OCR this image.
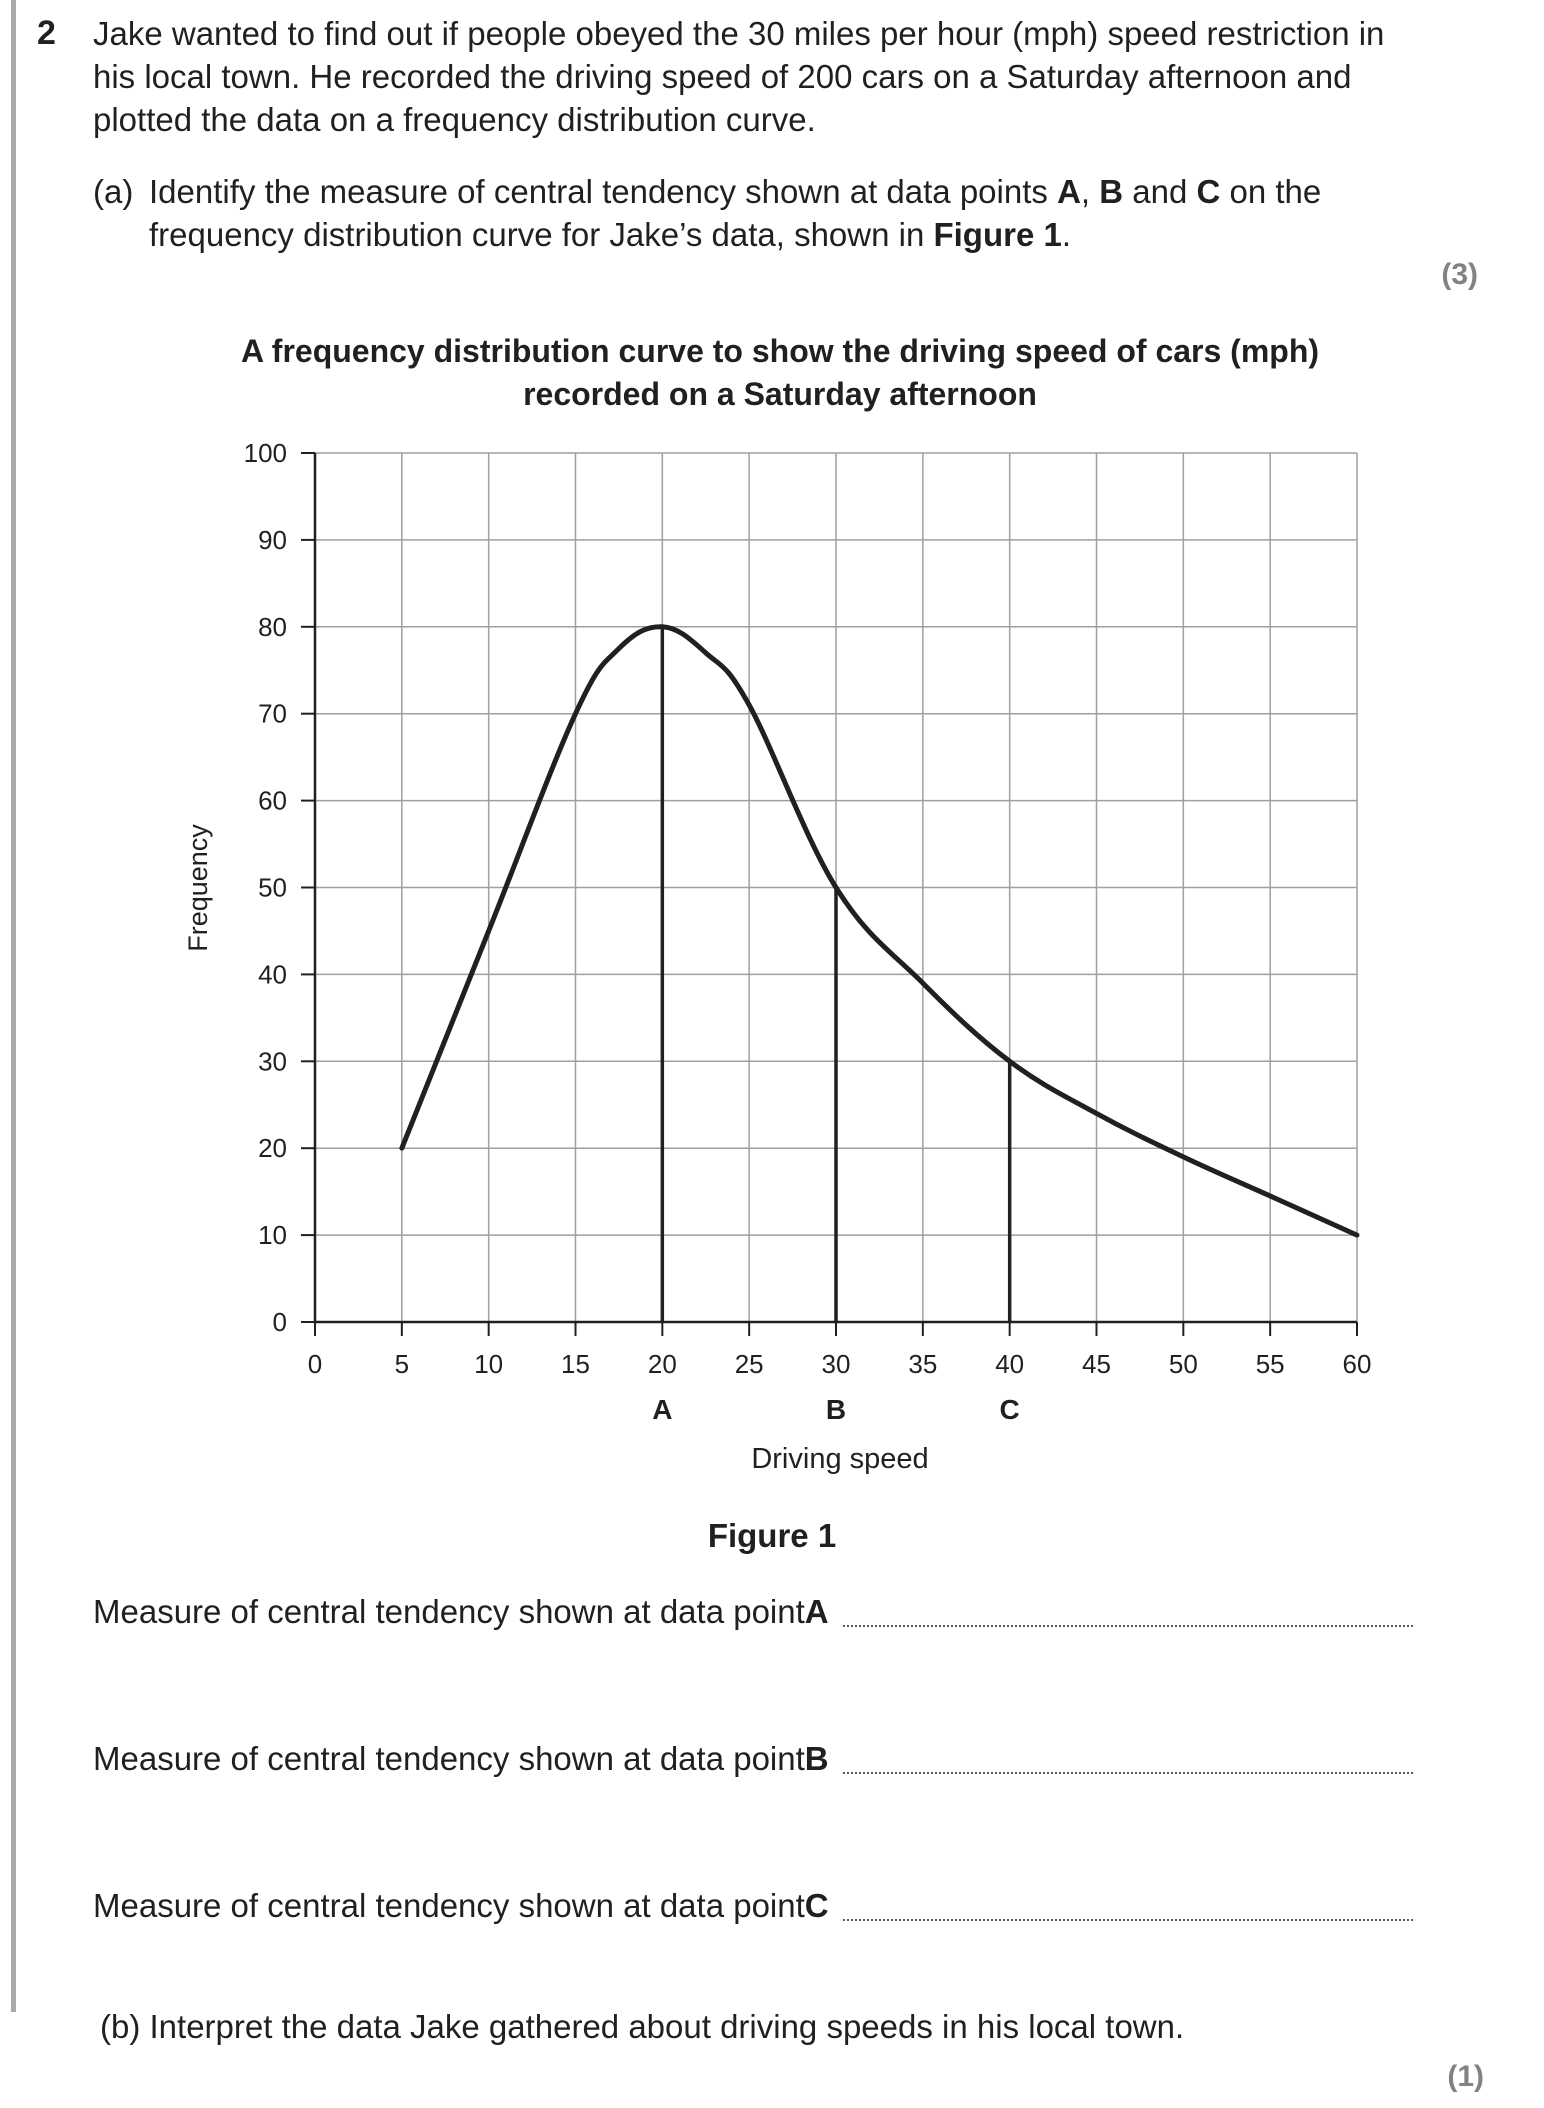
2 Jake wanted to find out if people obeyed the 30 miles per hour (mph) speed restriction in his local town. He recorded the driving speed of 200 cars on a Saturday afternoon and plotted the data on a frequency distribution curve.
(a) Identify the measure of central tendency shown at data points A, B and C on the frequency distribution curve for Jake’s data, shown in Figure 1.
(3)
A frequency distribution curve to show the driving speed of cars (mph)
recorded on a Saturday afternoon
0
10
20
30
40
50
60
70
80
90
100
0	5	10 15 20 25 30 35 40 45 50 55 60
Driving speed
Frequency
A	B	C
Figure 1
Measure of central tendency shown at data point A
Measure of central tendency shown at data point B
Measure of central tendency shown at data point C
(b) Interpret the data Jake gathered about driving speeds in his local town.
(1)
